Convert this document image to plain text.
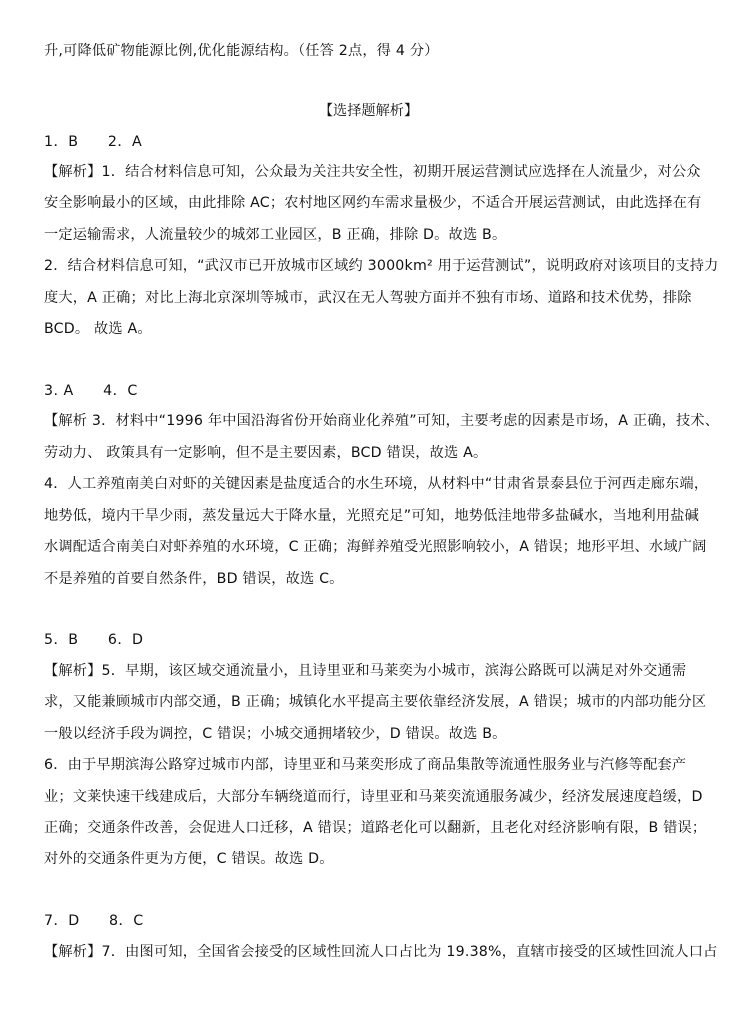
升,可降低矿物能源比例,优化能源结构。（任答 2点，得 4 分）
【选择题解析】
1．B　　2．A
【解析】1．结合材料信息可知，公众最为关注共安全性，初期开展运营测试应选择在人流量少，对公众
安全影响最小的区域，由此排除 AC；农村地区网约车需求量极少，不适合开展运营测试，由此选择在有
一定运输需求，人流量较少的城郊工业园区，B 正确，排除 D。故选 B。
2．结合材料信息可知，“武汉市已开放城市区域约 3000km² 用于运营测试”，说明政府对该项目的支持力
度大，A 正确；对比上海北京深圳等城市，武汉在无人驾驶方面并不独有市场、道路和技术优势，排除
BCD。 故选 A。
3. A　　4．C
【解析 3．材料中“1996 年中国沿海省份开始商业化养殖”可知，主要考虑的因素是市场，A 正确，技术、
劳动力、 政策具有一定影响，但不是主要因素，BCD 错误，故选 A。
4．人工养殖南美白对虾的关键因素是盐度适合的水生环境，从材料中“甘肃省景泰县位于河西走廊东端，
地势低，境内干旱少雨，蒸发量远大于降水量，光照充足”可知，地势低洼地带多盐碱水，当地利用盐碱
水调配适合南美白对虾养殖的水环境，C 正确；海鲜养殖受光照影响较小，A 错误；地形平坦、水域广阔
不是养殖的首要自然条件，BD 错误，故选 C。
5．B　　6．D
【解析】5．早期，该区域交通流量小，且诗里亚和马莱奕为小城市，滨海公路既可以满足对外交通需
求，又能兼顾城市内部交通，B 正确；城镇化水平提高主要依靠经济发展，A 错误；城市的内部功能分区
一般以经济手段为调控，C 错误；小城交通拥堵较少，D 错误。故选 B。
6．由于早期滨海公路穿过城市内部，诗里亚和马莱奕形成了商品集散等流通性服务业与汽修等配套产
业；文莱快速干线建成后，大部分车辆绕道而行，诗里亚和马莱奕流通服务减少，经济发展速度趋缓，D
正确；交通条件改善，会促进人口迁移，A 错误；道路老化可以翻新，且老化对经济影响有限，B 错误；
对外的交通条件更为方便，C 错误。故选 D。
7．D　　8．C
【解析】7．由图可知，全国省会接受的区域性回流人口占比为 19.38%，直辖市接受的区域性回流人口占
